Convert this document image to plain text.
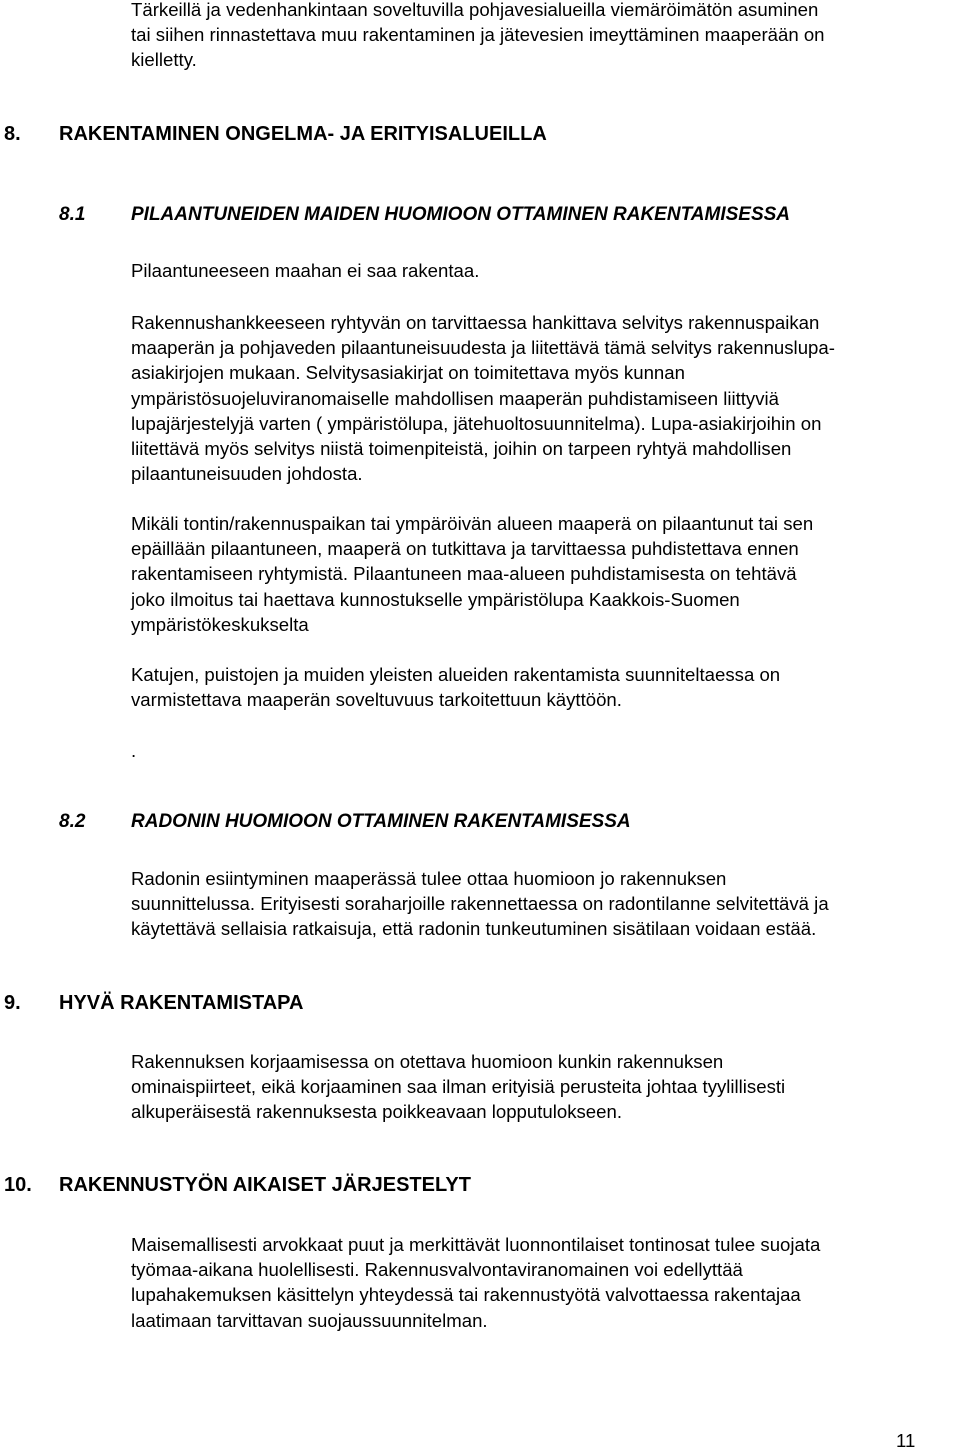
Tärkeillä ja vedenhankintaan soveltuvilla pohjavesialueilla viemäröimätön asuminen
tai siihen rinnastettava muu rakentaminen ja jätevesien imeyttäminen maaperään on
kielletty.
8. RAKENTAMINEN ONGELMA- JA ERITYISALUEILLA
8.1 PILAANTUNEIDEN MAIDEN HUOMIOON OTTAMINEN RAKENTAMISESSA
Pilaantuneeseen maahan ei saa rakentaa.
Rakennushankkeeseen ryhtyvän on tarvittaessa hankittava selvitys rakennuspaikan
maaperän ja pohjaveden pilaantuneisuudesta ja liitettävä tämä selvitys rakennuslupa-
asiakirjojen mukaan. Selvitysasiakirjat on toimitettava myös kunnan
ympäristösuojeluviranomaiselle mahdollisen maaperän puhdistamiseen liittyviä
lupajärjestelyjä varten ( ympäristölupa, jätehuoltosuunnitelma). Lupa-asiakirjoihin on
liitettävä myös selvitys niistä toimenpiteistä, joihin on tarpeen ryhtyä mahdollisen
pilaantuneisuuden johdosta.
Mikäli tontin/rakennuspaikan tai ympäröivän alueen maaperä on pilaantunut tai sen
epäillään pilaantuneen, maaperä on tutkittava ja tarvittaessa puhdistettava ennen
rakentamiseen ryhtymistä. Pilaantuneen maa-alueen puhdistamisesta on tehtävä
joko ilmoitus tai haettava kunnostukselle ympäristölupa Kaakkois-Suomen
ympäristökeskukselta
Katujen, puistojen ja muiden yleisten alueiden rakentamista suunniteltaessa on
varmistettava maaperän soveltuvuus tarkoitettuun käyttöön.
.
8.2 RADONIN HUOMIOON OTTAMINEN RAKENTAMISESSA
Radonin esiintyminen maaperässä tulee ottaa huomioon jo rakennuksen
suunnittelussa. Erityisesti soraharjoille rakennettaessa on radontilanne selvitettävä ja
käytettävä sellaisia ratkaisuja, että radonin tunkeutuminen sisätilaan voidaan estää.
9. HYVÄ RAKENTAMISTAPA
Rakennuksen korjaamisessa on otettava huomioon kunkin rakennuksen
ominaispiirteet, eikä korjaaminen saa ilman erityisiä perusteita johtaa tyylillisesti
alkuperäisestä rakennuksesta poikkeavaan lopputulokseen.
10. RAKENNUSTYÖN AIKAISET JÄRJESTELYT
Maisemallisesti arvokkaat puut ja merkittävät luonnontilaiset tontinosat tulee suojata
työmaa-aikana huolellisesti. Rakennusvalvontaviranomainen voi edellyttää
lupahakemuksen käsittelyn yhteydessä tai rakennustyötä valvottaessa rakentajaa
laatimaan tarvittavan suojaussuunnitelman.
11
